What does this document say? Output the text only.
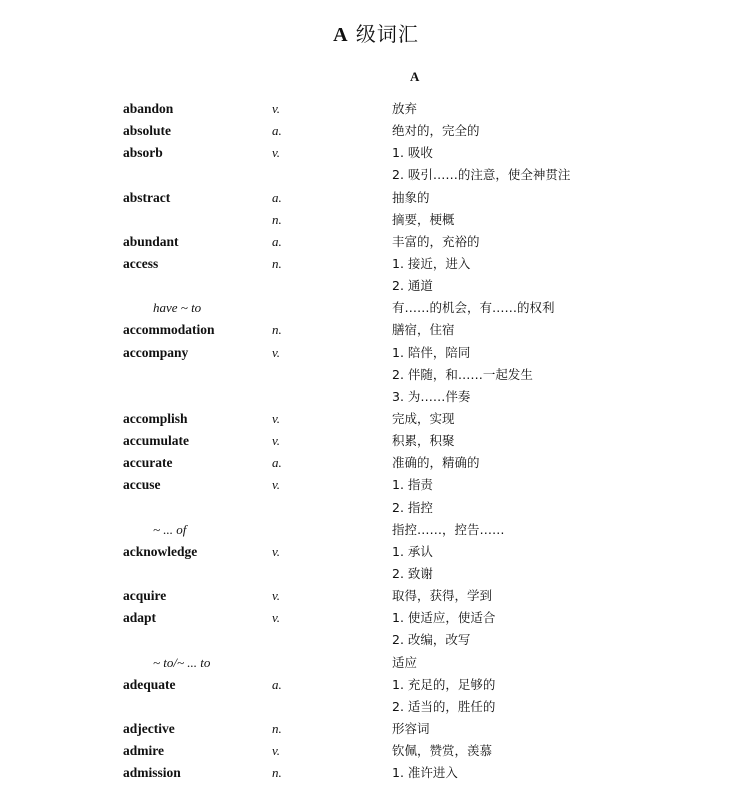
A 级词汇
A
abandon	v.	放弃
absolute	a.	绝对的，完全的
absorb	v.	1. 吸收
2. 吸引……的注意，使全神贯注
abstract	a.	抽象的
n.	摘要，梗概
abundant	a.	丰富的，充裕的
access	n.	1. 接近，进入
2. 通道
have ~ to	有……的机会，有……的权利
accommodation	n.	膳宿，住宿
accompany	v.	1. 陪伴，陪同
2. 伴随，和……一起发生
3. 为……伴奏
accomplish	v.	完成，实现
accumulate	v.	积累，积聚
accurate	a.	准确的，精确的
accuse	v.	1. 指责
2. 指控
~ ... of	指控……，控告……
acknowledge	v.	1. 承认
2. 致谢
acquire	v.	取得，获得，学到
adapt	v.	1. 使适应，使适合
2. 改编，改写
~ to/~ ... to	适应
adequate	a.	1. 充足的，足够的
2. 适当的，胜任的
adjective	n.	形容词
admire	v.	钦佩，赞赏，羡慕
admission	n.	1. 准许进入
